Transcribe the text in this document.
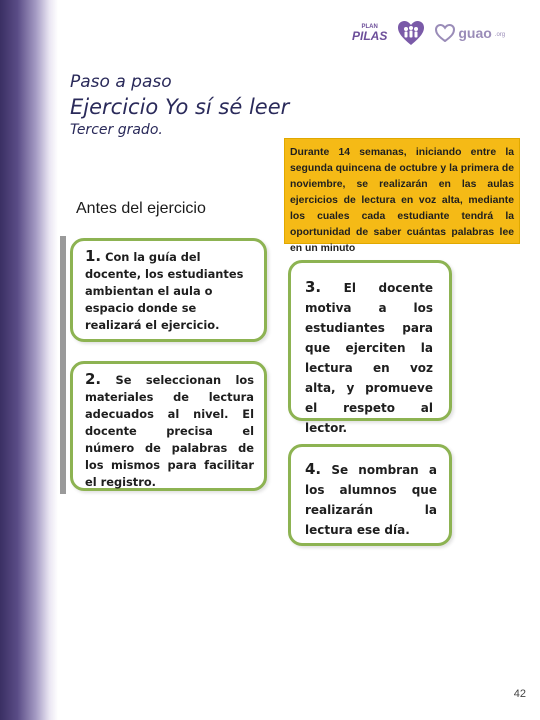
PLAN
PILAS	guao .org
Paso a paso
Ejercicio Yo sí sé leer
Tercer grado.

Durante 14 semanas, iniciando entre la segunda quincena de octubre y la primera de noviembre, se realizarán en las aulas ejercicios de lectura en voz alta, mediante los cuales cada estudiante tendrá la oportunidad de saber cuántas palabras lee en un minuto

Antes del ejercicio

1. Con la guía del docente, los estudiantes ambientan el aula o espacio donde se realizará el ejercicio.

2. Se seleccionan los materiales de lectura adecuados al nivel. El docente precisa el número de palabras de los mismos para facilitar el registro.

3. El docente motiva a los estudiantes para que ejerciten la lectura en voz alta, y promueve el respeto al lector.

4. Se nombran a los alumnos que realizarán la lectura ese día.

42
